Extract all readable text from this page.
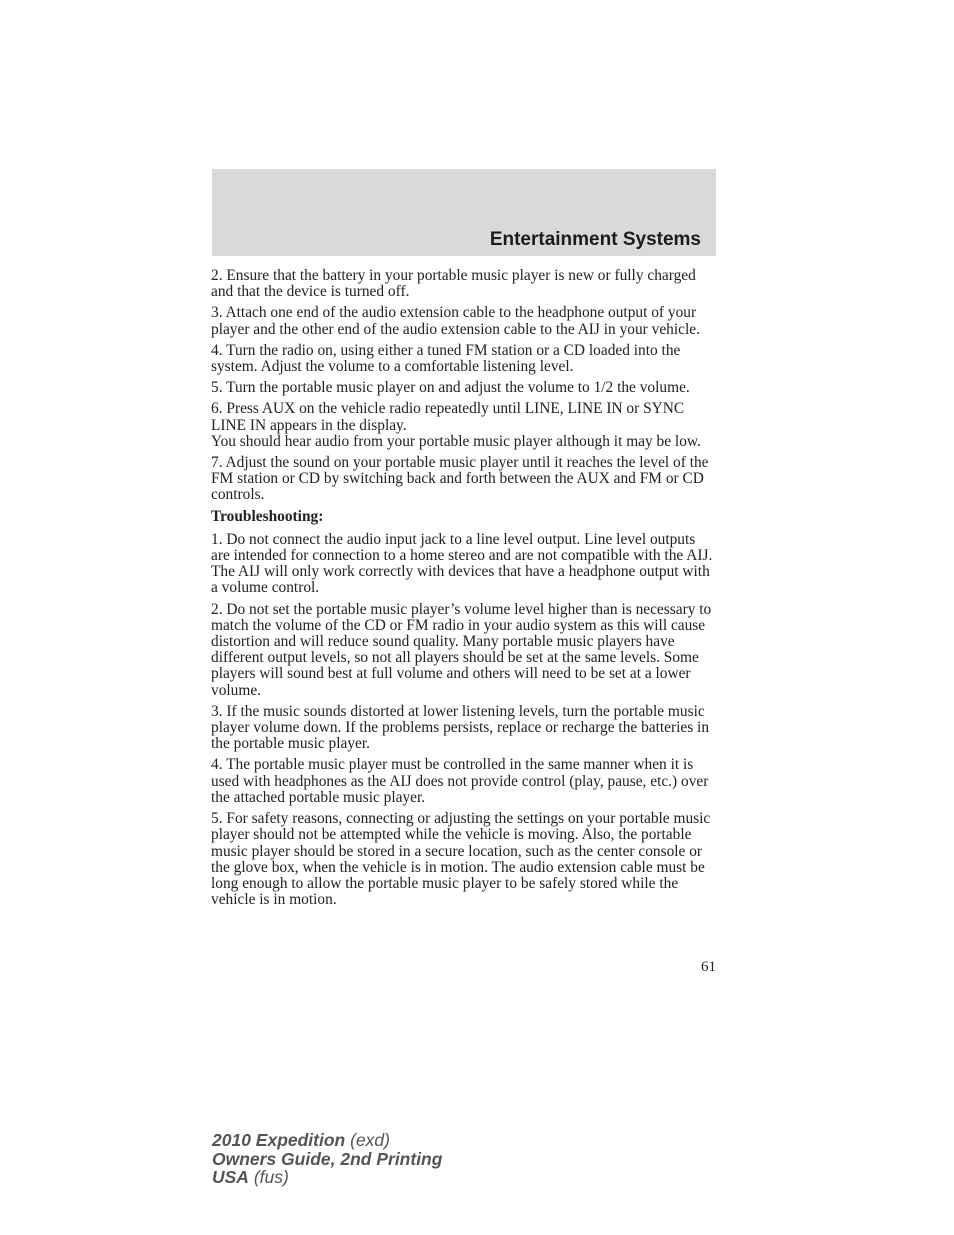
Entertainment Systems

2. Ensure that the battery in your portable music player is new or fully charged and that the device is turned off.

3. Attach one end of the audio extension cable to the headphone output of your player and the other end of the audio extension cable to the AIJ in your vehicle.

4. Turn the radio on, using either a tuned FM station or a CD loaded into the system. Adjust the volume to a comfortable listening level.

5. Turn the portable music player on and adjust the volume to 1/2 the volume.

6. Press AUX on the vehicle radio repeatedly until LINE, LINE IN or SYNC LINE IN appears in the display.

You should hear audio from your portable music player although it may be low.

7. Adjust the sound on your portable music player until it reaches the level of the FM station or CD by switching back and forth between the AUX and FM or CD controls.

Troubleshooting:

1. Do not connect the audio input jack to a line level output. Line level outputs are intended for connection to a home stereo and are not compatible with the AIJ. The AIJ will only work correctly with devices that have a headphone output with a volume control.

2. Do not set the portable music player’s volume level higher than is necessary to match the volume of the CD or FM radio in your audio system as this will cause distortion and will reduce sound quality. Many portable music players have different output levels, so not all players should be set at the same levels. Some players will sound best at full volume and others will need to be set at a lower volume.

3. If the music sounds distorted at lower listening levels, turn the portable music player volume down. If the problems persists, replace or recharge the batteries in the portable music player.

4. The portable music player must be controlled in the same manner when it is used with headphones as the AIJ does not provide control (play, pause, etc.) over the attached portable music player.

5. For safety reasons, connecting or adjusting the settings on your portable music player should not be attempted while the vehicle is moving. Also, the portable music player should be stored in a secure location, such as the center console or the glove box, when the vehicle is in motion. The audio extension cable must be long enough to allow the portable music player to be safely stored while the vehicle is in motion.

61
2010 Expedition (exd)
Owners Guide, 2nd Printing
USA (fus)
